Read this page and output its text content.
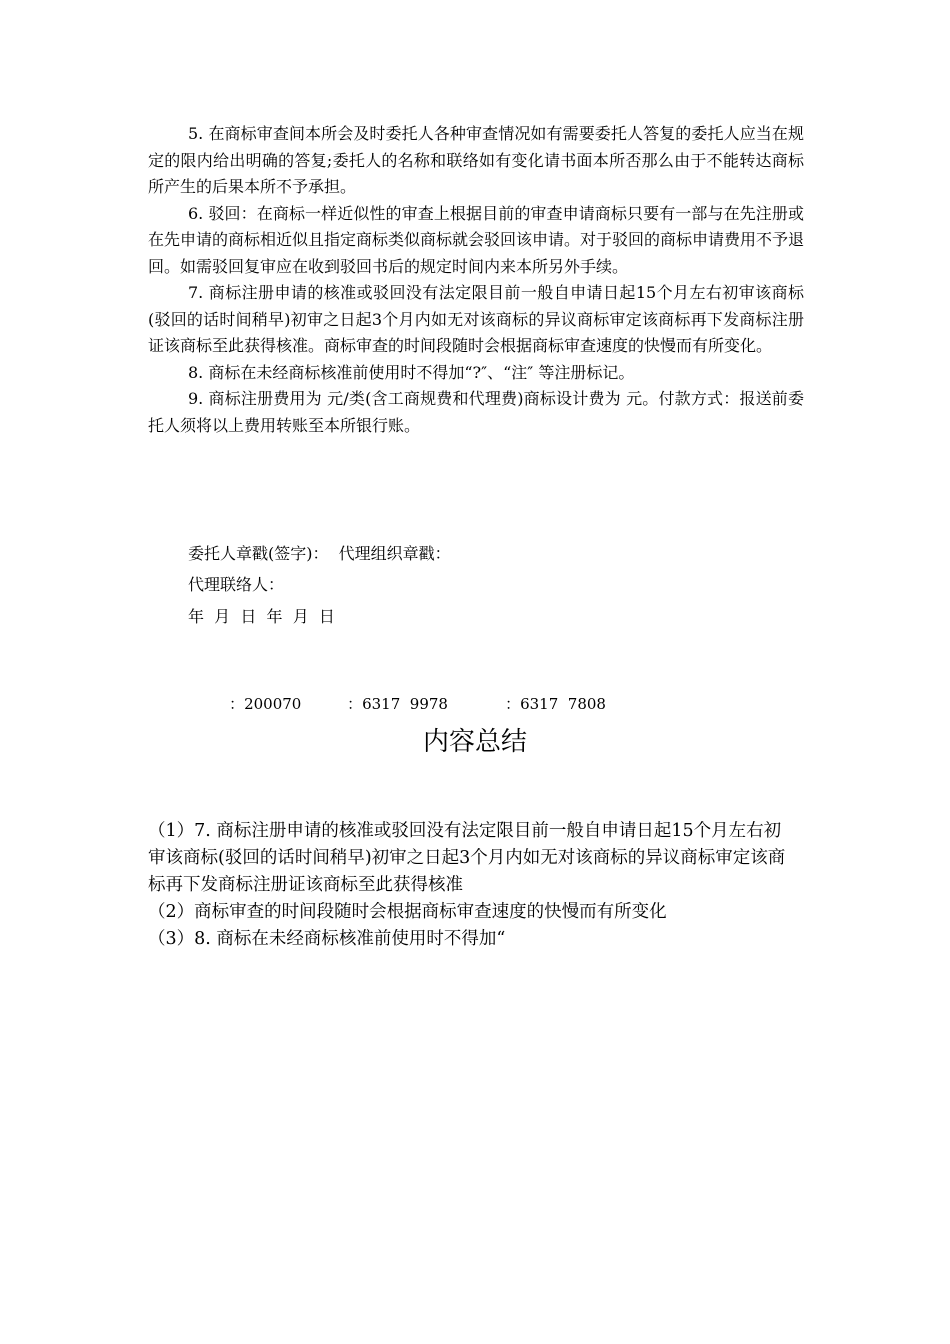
5. 在商标审查间本所会及时委托人各种审查情况如有需要委托人答复的委托人应当在规定的限内给出明确的答复;委托人的名称和联络如有变化请书面本所否那么由于不能转达商标所产生的后果本所不予承担。

6. 驳回：在商标一样近似性的审查上根据目前的审查申请商标只要有一部与在先注册或在先申请的商标相近似且指定商标类似商标就会驳回该申请。对于驳回的商标申请费用不予退回。如需驳回复审应在收到驳回书后的规定时间内来本所另外手续。

7. 商标注册申请的核准或驳回没有法定限目前一般自申请日起15个月左右初审该商标(驳回的话时间稍早)初审之日起3个月内如无对该商标的异议商标审定该商标再下发商标注册证该商标至此获得核准。商标审查的时间段随时会根据商标审查速度的快慢而有所变化。

8. 商标在未经商标核准前使用时不得加“?″、“注″ 等注册标记。

9. 商标注册费用为 元/类(含工商规费和代理费)商标设计费为 元。付款方式：报送前委托人须将以上费用转账至本所银行账。

委托人章戳(签字)：  代理组织章戳：
代理联络人：
年  月  日  年  月  日

：200070	：6317  9978	：6317  7808

内容总结

（1）7. 商标注册申请的核准或驳回没有法定限目前一般自申请日起15个月左右初审该商标(驳回的话时间稍早)初审之日起3个月内如无对该商标的异议商标审定该商标再下发商标注册证该商标至此获得核准

（2）商标审查的时间段随时会根据商标审查速度的快慢而有所变化

（3）8. 商标在未经商标核准前使用时不得加“
